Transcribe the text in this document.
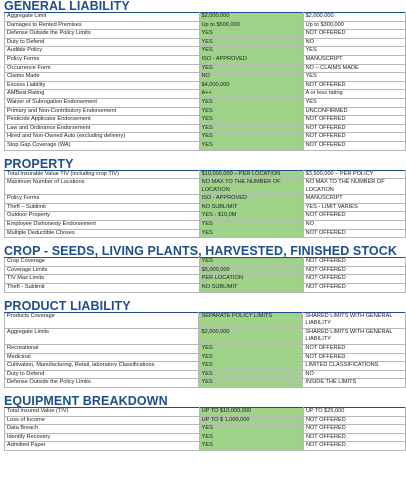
GENERAL LIABILITY
Aggregate Limit	$2,000,000	$2,000,000
Damages to Rented Premises	Up to $500,000	Up to $300,000
Defense Outside the Policy Limits	YES	NOT OFFERED
Duty to Defend	YES	NO
Audible Policy	YES	YES
Policy Forms	ISO - APPROVED	MANUSCRIPT
Occurrence Form	YES	NO – CLAIMS MADE
Claims Made	NO	YES
Excess Liability	$4,000,000	NOT OFFERED
AMBest Rating	A++	A or less rating
Waiver of Subrogation Endorsement	YES	YES
Primary and Non-Contributory Endorsement	YES	UNCONFIRMED
Pesticide Applicator Endorsement	YES	NOT OFFERED
Law and Ordinance Endorsement	YES	NOT OFFERED
Hired and Non-Owned Auto (excluding delivery)	YES	NOT OFFERED
Stop Gap Coverage (WA)	YES	NOT OFFERED
PROPERTY
Total Insurable Value TIV (including crop TIV)	$10,000,000 – PER LOCATION	$3,500,000 – PER POLICY
Maximum Number of Locations	NO MAX TO THE NUMBER OF LOCATION	NO MAX TO THE NUMBER OF LOCATION
Policy Forms	ISO - APPROVED	MANUSCRIPT
Theft – Sublimit	NO SUBLIMIT	YES - LIMIT VARIES
Outdoor Property	YES - $10,0M	NOT OFFERED
Employee Dishonesty Endorsement	YES	NO
Multiple Deductible Choses	YES	NOT OFFERED
CROP - SEEDS, LIVING PLANTS, HARVESTED, FINISHED STOCK
Crop Coverage	YES	NOT OFFERED
Coverage Limits	$5,000,000	NOT OFFERED
TIV Max Limits	PER LOCATION	NOT OFFERED
Theft - Sublimit	NO SUBLIMIT	NOT OFFERED
PRODUCT LIABILITY
Products Coverage	SEPARATE POLICY LIMITS	SHARED LIMITS WITH GENERAL LIABILITY
Aggregate Limits	$2,000,000	SHARED LIMITS WITH GENERAL LIABILITY
Recreational	YES	NOT OFFERED
Medicinal	YES	NOT OFFERED
Cultivation, Manufacturing, Retail, laboratory Classifications	YES	LIMITED CLASSIFICATIONS
Duty to Defend	YES	NO
Defense Outside the Policy Limits	YES	INSIDE THE LIMITS
EQUIPMENT BREAKDOWN
Total Insured Value (TIV)	UP TO $10,000,000	UP TO $25,000
Loss of Income	UP TO $ 1,000,000	NOT OFFERED
Data Breach	YES	NOT OFFERED
Identify Recovery	YES	NOT OFFERED
Admitted Paper	YES	NOT OFFERED
